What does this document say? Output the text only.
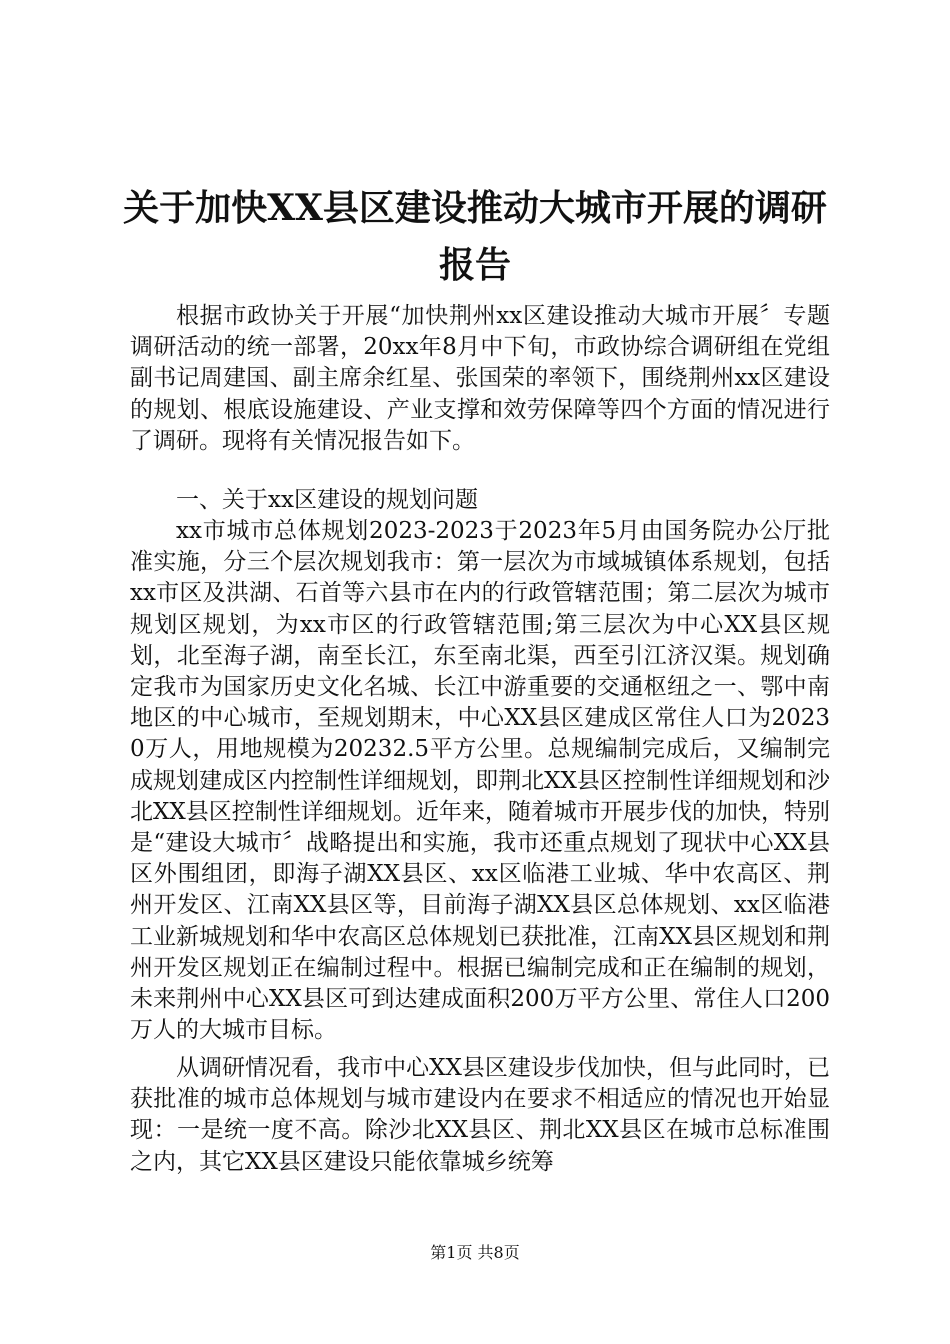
关于加快XX县区建设推动大城市开展的调研
报告
根据市政协关于开展“加快荆州xx区建设推动大城市开展〞专题调研活动的统一部署，20xx年8月中下旬，市政协综合调研组在党组副书记周建国、副主席余红星、张国荣的率领下，围绕荆州xx区建设的规划、根底设施建设、产业支撑和效劳保障等四个方面的情况进行了调研。现将有关情况报告如下。
一、关于xx区建设的规划问题
xx市城市总体规划2023-2023于2023年5月由国务院办公厅批准实施，分三个层次规划我市：第一层次为市域城镇体系规划，包括xx市区及洪湖、石首等六县市在内的行政管辖范围；第二层次为城市规划区规划，为xx市区的行政管辖范围;第三层次为中心XX县区规划，北至海子湖，南至长江，东至南北渠，西至引江济汉渠。规划确定我市为国家历史文化名城、长江中游重要的交通枢纽之一、鄂中南地区的中心城市，至规划期末，中心XX县区建成区常住人口为20230万人，用地规模为20232.5平方公里。总规编制完成后，又编制完成规划建成区内控制性详细规划，即荆北XX县区控制性详细规划和沙北XX县区控制性详细规划。近年来，随着城市开展步伐的加快，特别是“建设大城市〞战略提出和实施，我市还重点规划了现状中心XX县区外围组团，即海子湖XX县区、xx区临港工业城、华中农高区、荆州开发区、江南XX县区等，目前海子湖XX县区总体规划、xx区临港工业新城规划和华中农高区总体规划已获批准，江南XX县区规划和荆州开发区规划正在编制过程中。根据已编制完成和正在编制的规划，未来荆州中心XX县区可到达建成面积200万平方公里、常住人口200万人的大城市目标。
从调研情况看，我市中心XX县区建设步伐加快，但与此同时，已获批准的城市总体规划与城市建设内在要求不相适应的情况也开始显现：一是统一度不高。除沙北XX县区、荆北XX县区在城市总标准围之内，其它XX县区建设只能依靠城乡统筹
第1页 共8页
